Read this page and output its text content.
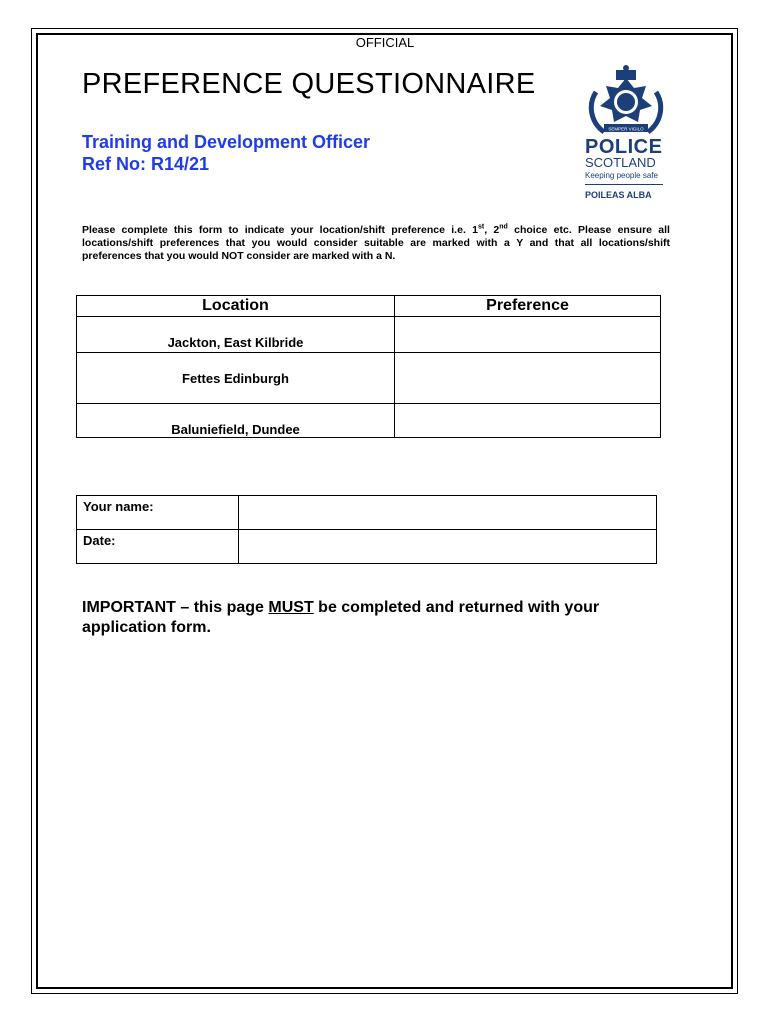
OFFICIAL
PREFERENCE QUESTIONNAIRE
Training and Development Officer
Ref No: R14/21
SEMPER VIGILO
POLICE
SCOTLAND
Keeping people safe
POILEAS ALBA
Please complete this form to indicate your location/shift preference i.e. 1st, 2nd choice etc. Please ensure all locations/shift preferences that you would consider suitable are marked with a Y and that all locations/shift preferences that you would NOT consider are marked with a N.
Location	Preference
Jackton, East Kilbride	
Fettes Edinburgh	
Baluniefield, Dundee	
Your name:	
Date:	
IMPORTANT – this page MUST be completed and returned with your application form.
